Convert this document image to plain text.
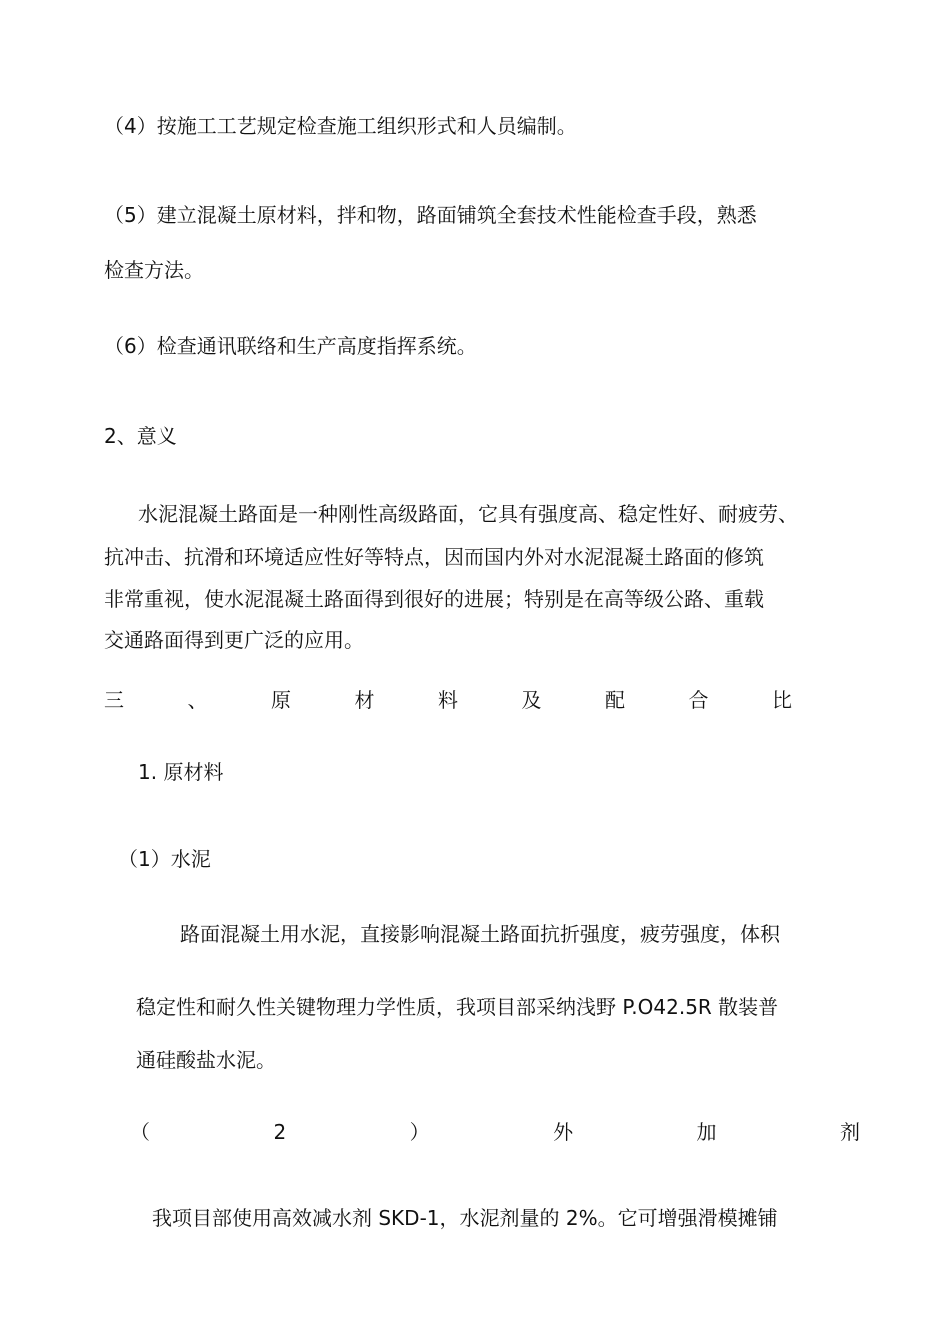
（4）按施工工艺规定检查施工组织形式和人员编制。
（5）建立混凝土原材料，拌和物，路面铺筑全套技术性能检查手段，熟悉
检查方法。
（6）检查通讯联络和生产高度指挥系统。
2、意义
水泥混凝土路面是一种刚性高级路面，它具有强度高、稳定性好、耐疲劳、
抗冲击、抗滑和环境适应性好等特点，因而国内外对水泥混凝土路面的修筑
非常重视，使水泥混凝土路面得到很好的进展；特别是在高等级公路、重载
交通路面得到更广泛的应用。
三	、	原	材	料	及	配	合	比
1. 原材料
（1）水泥
路面混凝土用水泥，直接影响混凝土路面抗折强度，疲劳强度，体积
稳定性和耐久性关键物理力学性质，我项目部采纳浅野 P.O42.5R 散装普
通硅酸盐水泥。
（	2	）	外	加	剂
我项目部使用高效减水剂 SKD-1，水泥剂量的 2%。它可增强滑模摊铺
